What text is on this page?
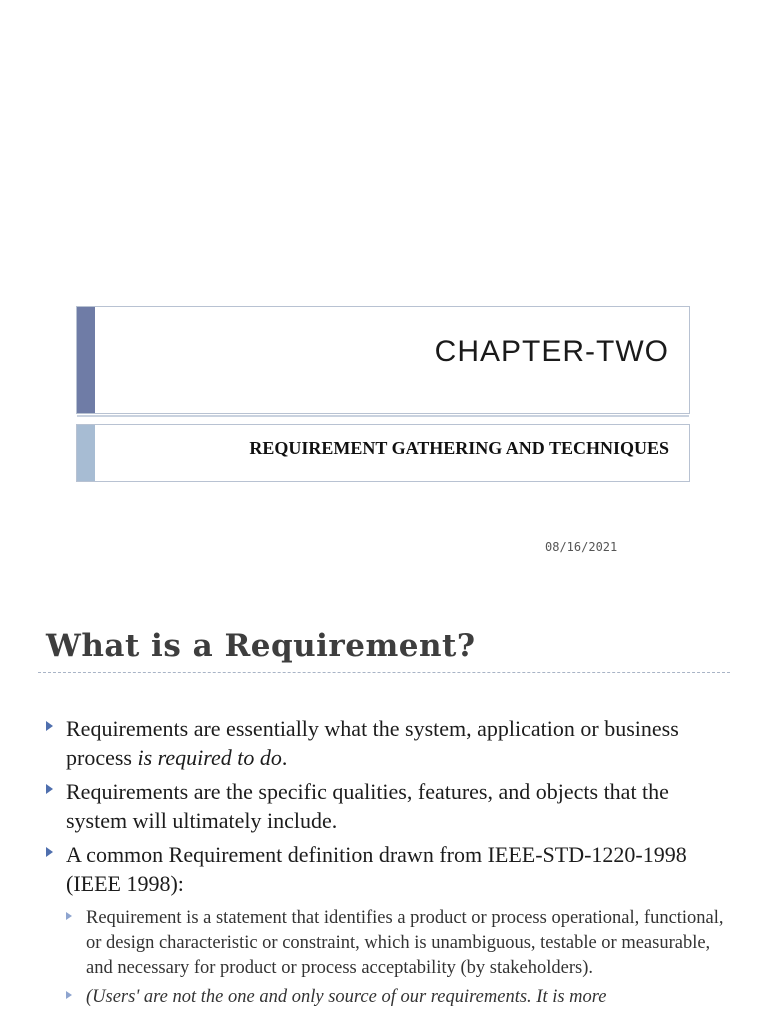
CHAPTER-TWO
REQUIREMENT GATHERING AND TECHNIQUES
08/16/2021
What is a Requirement?
Requirements are essentially what the system, application or business process is required to do.
Requirements are the specific qualities, features, and objects that the system will ultimately include.
A common Requirement definition drawn from IEEE-STD-1220-1998 (IEEE 1998):
Requirement is a statement that identifies a product or process operational, functional, or design characteristic or constraint, which is unambiguous, testable or measurable, and necessary for product or process acceptability (by stakeholders).
(Users' are not the one and only source of our requirements. It is more
